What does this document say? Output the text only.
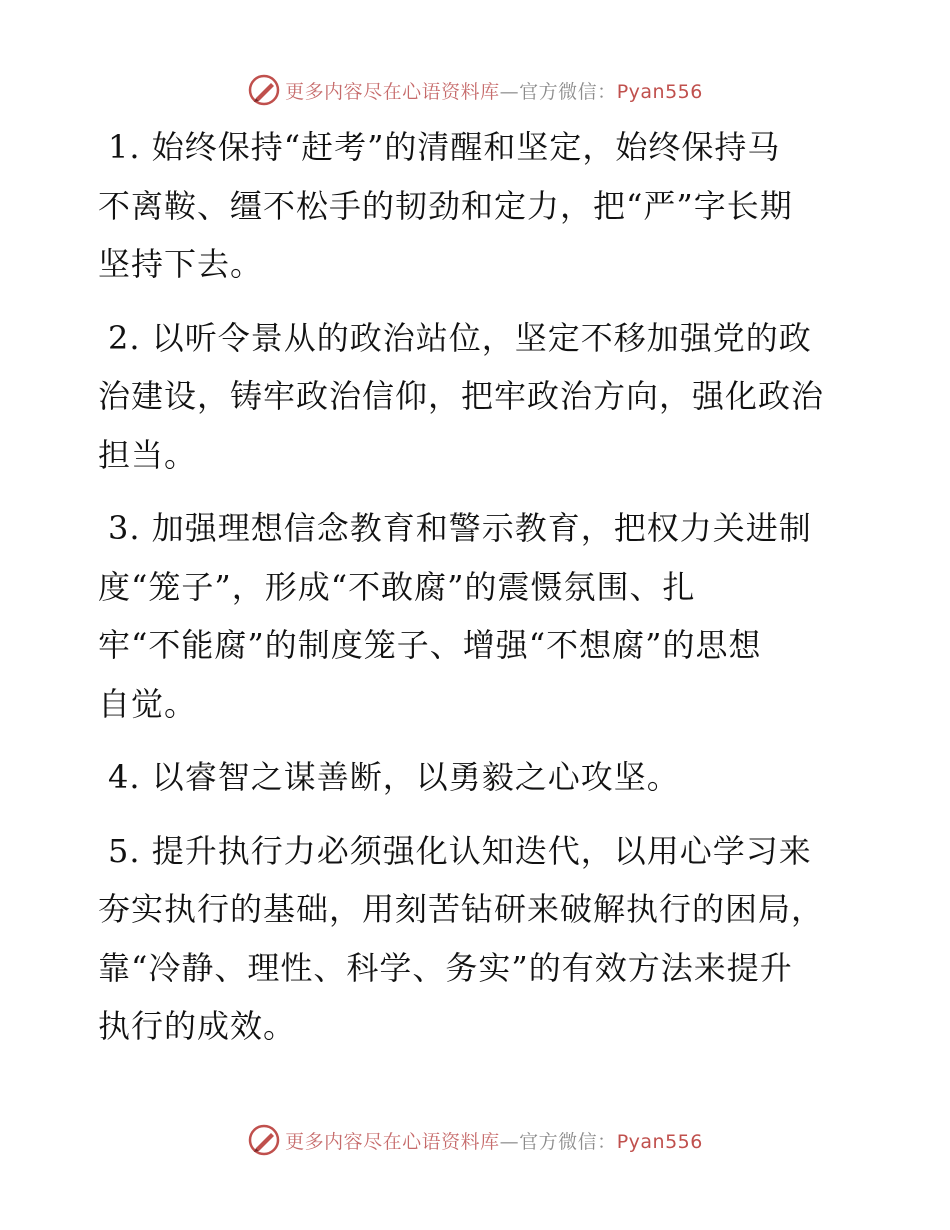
更多内容尽在心语资料库—官方微信：Pyan556
1. 始终保持“赶考”的清醒和坚定，始终保持马
不离鞍、缰不松手的韧劲和定力，把“严”字长期
坚持下去。
2. 以听令景从的政治站位，坚定不移加强党的政
治建设，铸牢政治信仰，把牢政治方向，强化政治
担当。
3. 加强理想信念教育和警示教育，把权力关进制
度“笼子”，形成“不敢腐”的震慑氛围、扎
牢“不能腐”的制度笼子、增强“不想腐”的思想
自觉。
4. 以睿智之谋善断，以勇毅之心攻坚。
5. 提升执行力必须强化认知迭代，以用心学习来
夯实执行的基础，用刻苦钻研来破解执行的困局，
靠“冷静、理性、科学、务实”的有效方法来提升
执行的成效。
更多内容尽在心语资料库—官方微信：Pyan556
